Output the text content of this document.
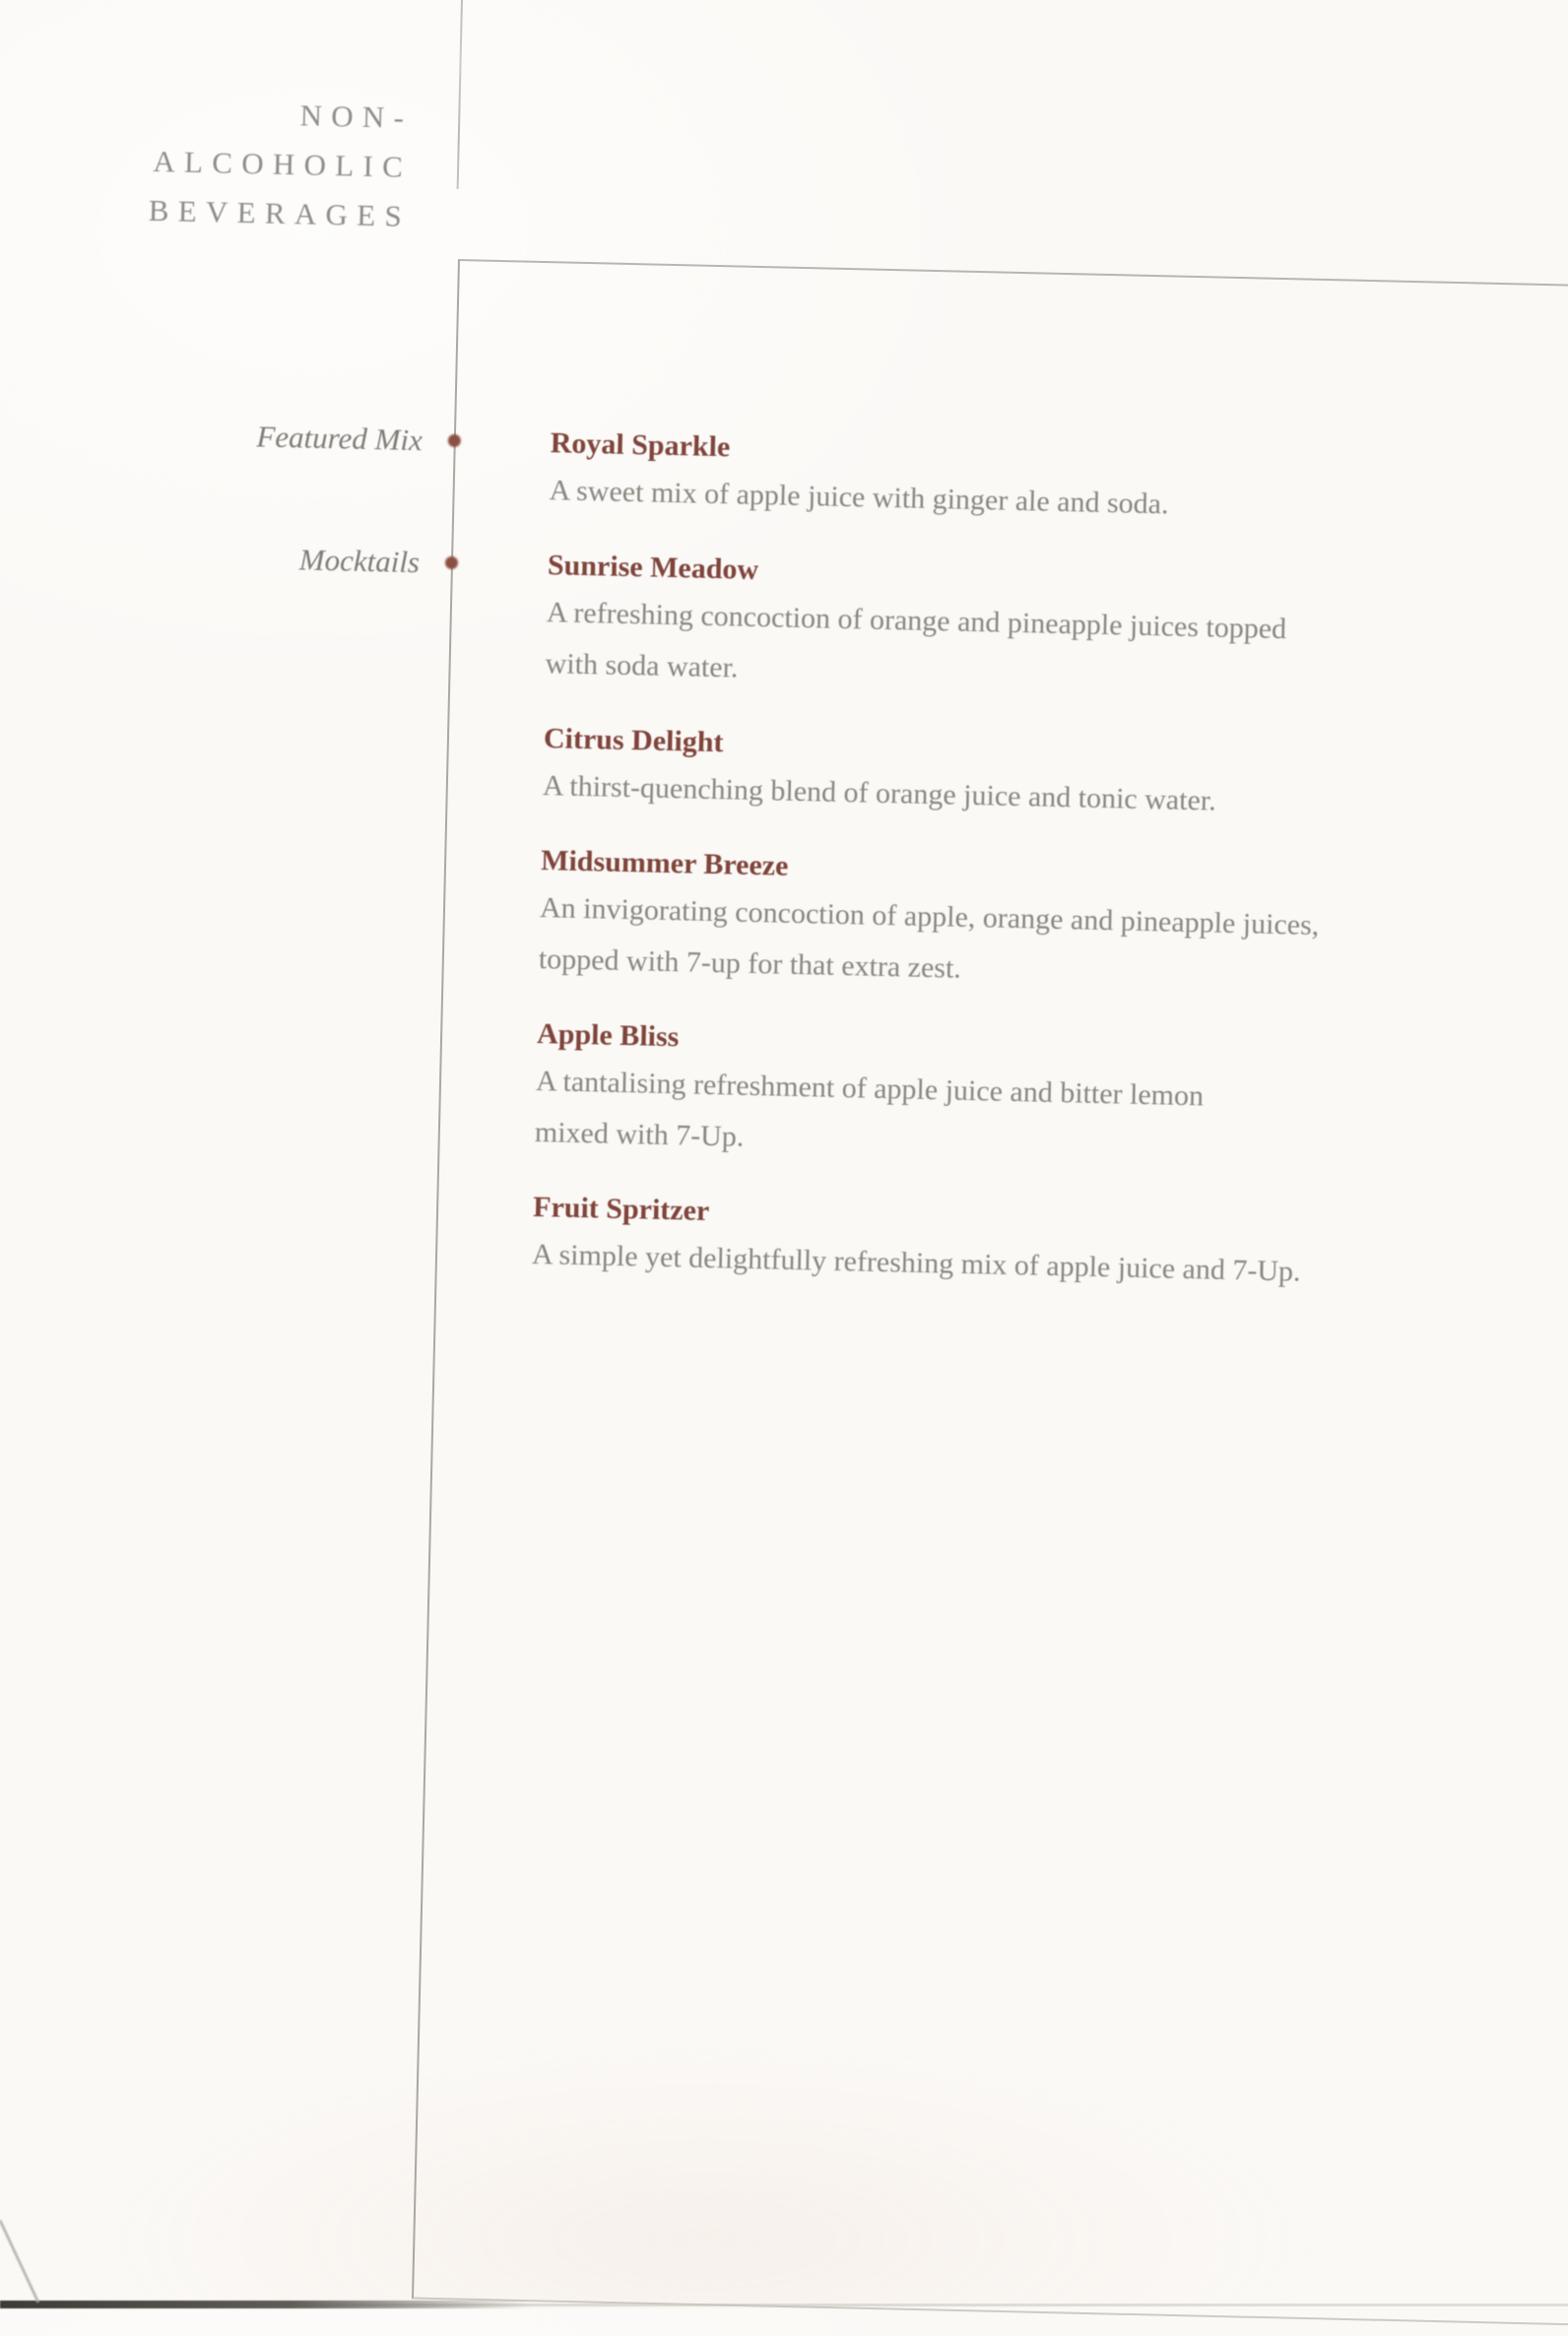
NON-ALCOHOLIC
BEVERAGES
Featured Mix
Mocktails
Royal Sparkle
A sweet mix of apple juice with ginger ale and soda.
Sunrise Meadow
A refreshing concoction of orange and pineapple juices topped
with soda water.
Citrus Delight
A thirst-quenching blend of orange juice and tonic water.
Midsummer Breeze
An invigorating concoction of apple, orange and pineapple juices,
topped with 7-up for that extra zest.
Apple Bliss
A tantalising refreshment of apple juice and bitter lemon
mixed with 7-Up.
Fruit Spritzer
A simple yet delightfully refreshing mix of apple juice and 7-Up.
